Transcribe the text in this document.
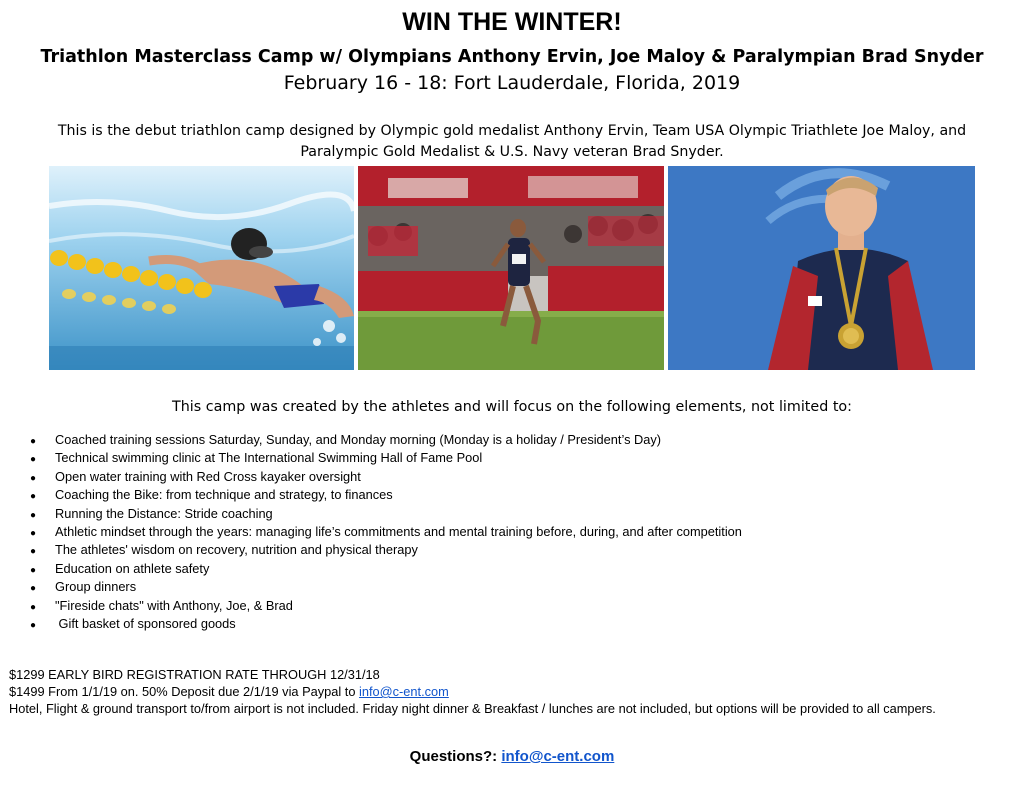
WIN THE WINTER!
Triathlon Masterclass Camp w/ Olympians Anthony Ervin, Joe Maloy & Paralympian Brad Snyder
February 16 - 18: Fort Lauderdale, Florida, 2019
This is the debut triathlon camp designed by Olympic gold medalist Anthony Ervin, Team USA Olympic Triathlete Joe Maloy, and
Paralympic Gold Medalist & U.S. Navy veteran Brad Snyder.
This camp was created by the athletes and will focus on the following elements, not limited to:
● Coached training sessions Saturday, Sunday, and Monday morning (Monday is a holiday / President’s Day)
● Technical swimming clinic at The International Swimming Hall of Fame Pool
● Open water training with Red Cross kayaker oversight
● Coaching the Bike: from technique and strategy, to finances
● Running the Distance: Stride coaching
● Athletic mindset through the years: managing life’s commitments and mental training before, during, and after competition
● The athletes' wisdom on recovery, nutrition and physical therapy
● Education on athlete safety
● Group dinners
● "Fireside chats" with Anthony, Joe, & Brad
● Gift basket of sponsored goods
$1299 EARLY BIRD REGISTRATION RATE THROUGH 12/31/18
$1499 From 1/1/19 on. 50% Deposit due 2/1/19 via Paypal to info@c-ent.com
Hotel, Flight & ground transport to/from airport is not included. Friday night dinner & Breakfast / lunches are not included, but options will be provided to all campers.
Questions?: info@c-ent.com
